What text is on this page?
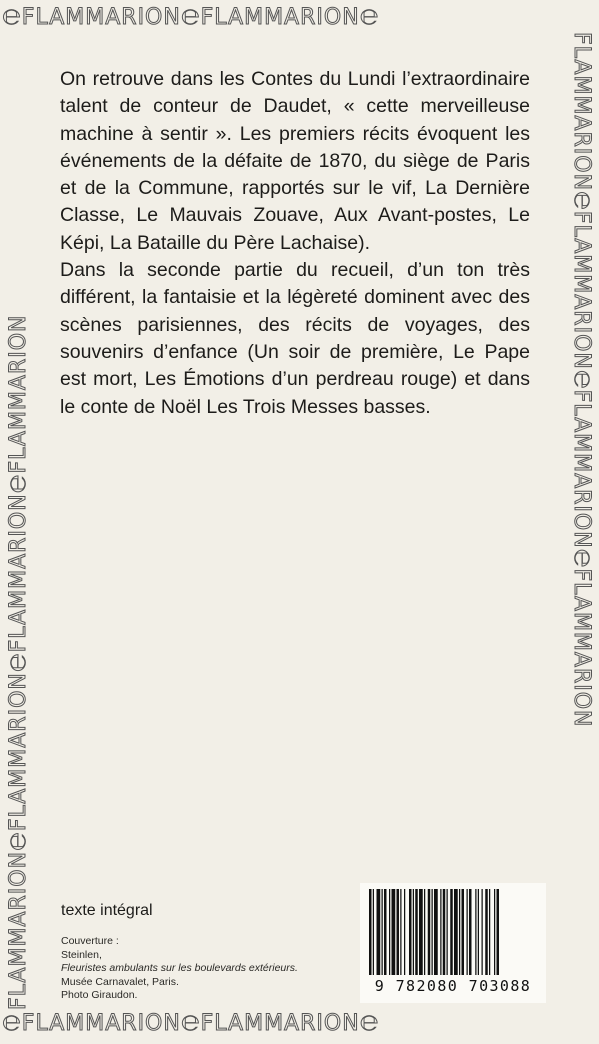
℮FLAMMARION℮FLAMMARION℮
℮FLAMMARION℮FLAMMARION℮
FLAMMARION℮FLAMMARION℮FLAMMARION℮FLAMMARION	FLAMMARION℮FLAMMARION℮FLAMMARION℮FLAMMARION

On retrouve dans les Contes du Lundi l’extraordinaire talent de conteur de Daudet, « cette merveilleuse machine à sentir ». Les premiers récits évoquent les événements de la défaite de 1870, du siège de Paris et de la Commune, rapportés sur le vif, La Dernière Classe, Le Mauvais Zouave, Aux Avant-postes, Le Képi, La Bataille du Père Lachaise).

Dans la seconde partie du recueil, d’un ton très différent, la fantaisie et la légèreté dominent avec des scènes parisiennes, des récits de voyages, des souvenirs d’enfance (Un soir de première, Le Pape est mort, Les Émotions d’un perdreau rouge) et dans le conte de Noël Les Trois Messes basses.

texte intégral
Couverture :
Steinlen,
Fleuristes ambulants sur les boulevards extérieurs.
Musée Carnavalet, Paris.
Photo Giraudon.	9 782080 703088
